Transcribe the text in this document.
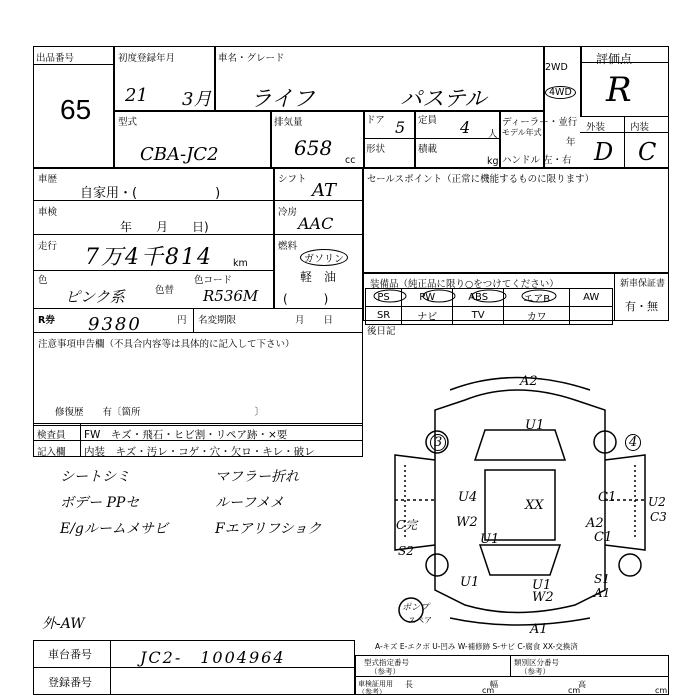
出品番号
65
初度登録年月
21 3月
車名・グレード
ライフ	パステル
2WD
4WD
評価点
R
型式
CBA-JC2
排気量
658
cc
ドア 5 定員 4 人
形状	積載
kg
ディーラー・並行
モデル年式
年
ハンドル 左・右
外装	内装
D C
車歴
自家用・(　　　　　　)
車検
年　　月　　日)
走行 7万4千814 km
色
ピンク系	色替
色コード
R536M (　　　)
シフト
AT
冷房
AAC
燃料
ガソリン
軽　油
R券 9380	円 名変期限	月　　日
注意事項申告欄（不具合内容等は具体的に記入して下さい）
修復歴　　有〔箇所　　　　　　　　　　　　〕
セールスポイント（正常に機能するものに限ります）
装備品（純正品に限り○をつけてください）	新車保証書
有・無
PS	PW	ABS	エアB	AW
SR	ナビ	TV	カワ	
後日記
検査員
記入欄
FW　キズ・飛石・ヒビ割・リペア跡・×要
内装　キズ・汚レ・コゲ・穴・欠ロ・キレ・破レ
シートシミ
ボデー PPセ
E/gルームメサビ
マフラー折れ
ルーフメメ
Fエアリフショク
外-AW
A2
U1
3	4
U4	C1
XX	U2
C3
C完	W2	A2
C1
U1
S2
U1	U1
W2
S1
A1
A1
ポンプ
スペア
A-キズ E-エクボ U-凹み W-補修跡 S-サビ C-腐食 XX-交換済
車台番号	JC2-　1004964
登録番号
型式指定番号
（参考）
類別区分番号
（参考）
車検証用用（参考）
長
cm
幅
cm
高
cm
